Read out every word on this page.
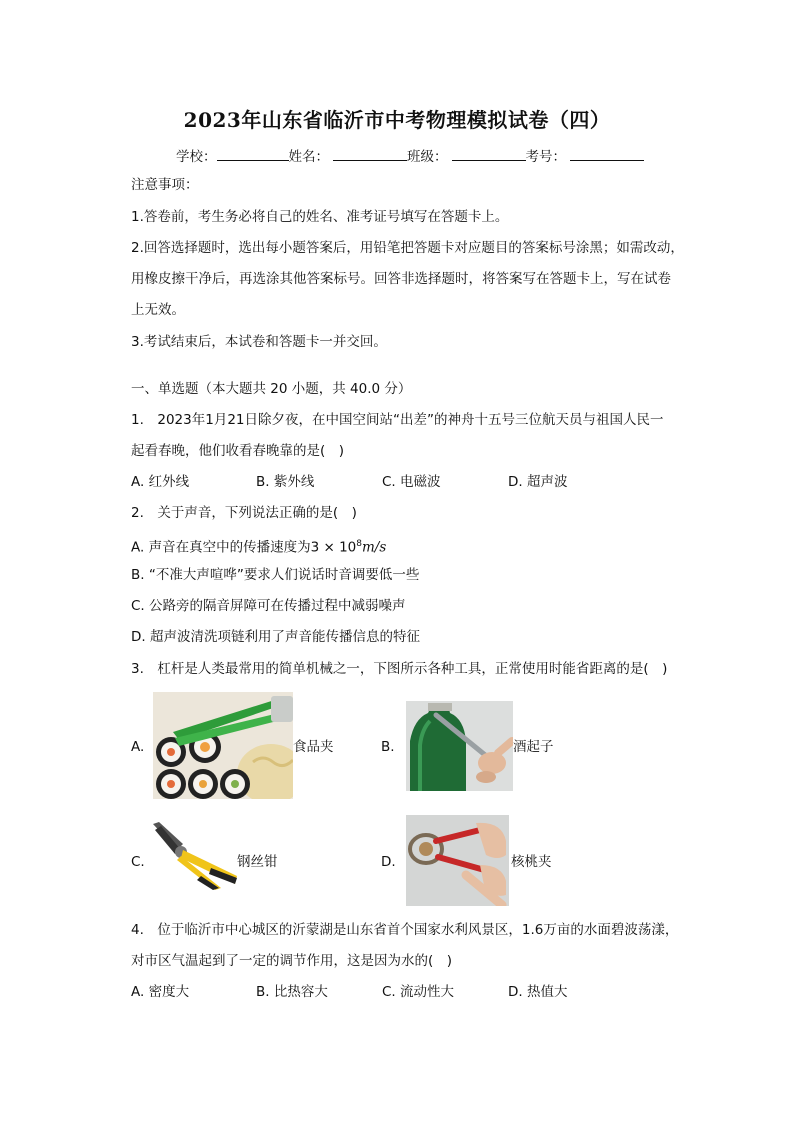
2023年山东省临沂市中考物理模拟试卷（四）
学校：	姓名：	班级：	考号：
注意事项：
1.答卷前，考生务必将自己的姓名、准考证号填写在答题卡上。
2.回答选择题时，选出每小题答案后，用铅笔把答题卡对应题目的答案标号涂黑；如需改动，
用橡皮擦干净后，再选涂其他答案标号。回答非选择题时，将答案写在答题卡上，写在试卷
上无效。
3.考试结束后，本试卷和答题卡一并交回。
一、单选题（本大题共 20 小题，共 40.0 分）
1.　2023年1月21日除夕夜，在中国空间站“出差”的神舟十五号三位航天员与祖国人民一
起看春晚，他们收看春晚靠的是(　)
A. 红外线	B. 紫外线	C. 电磁波	D. 超声波
2.　关于声音，下列说法正确的是(　)
A. 声音在真空中的传播速度为$3 \times 10^8m/s$
B. “不准大声喧哗”要求人们说话时音调要低一些
C. 公路旁的隔音屏障可在传播过程中减弱噪声
D. 超声波清洗项链利用了声音能传播信息的特征
3.　杠杆是人类最常用的简单机械之一，下图所示各种工具，正常使用时能省距离的是(　)
A.	食品夹	B.	酒起子
C.	钢丝钳	D.	核桃夹
4.　位于临沂市中心城区的沂蒙湖是山东省首个国家水利风景区，1.6万亩的水面碧波荡漾，
对市区气温起到了一定的调节作用，这是因为水的(　)
A. 密度大	B. 比热容大	C. 流动性大	D. 热值大
